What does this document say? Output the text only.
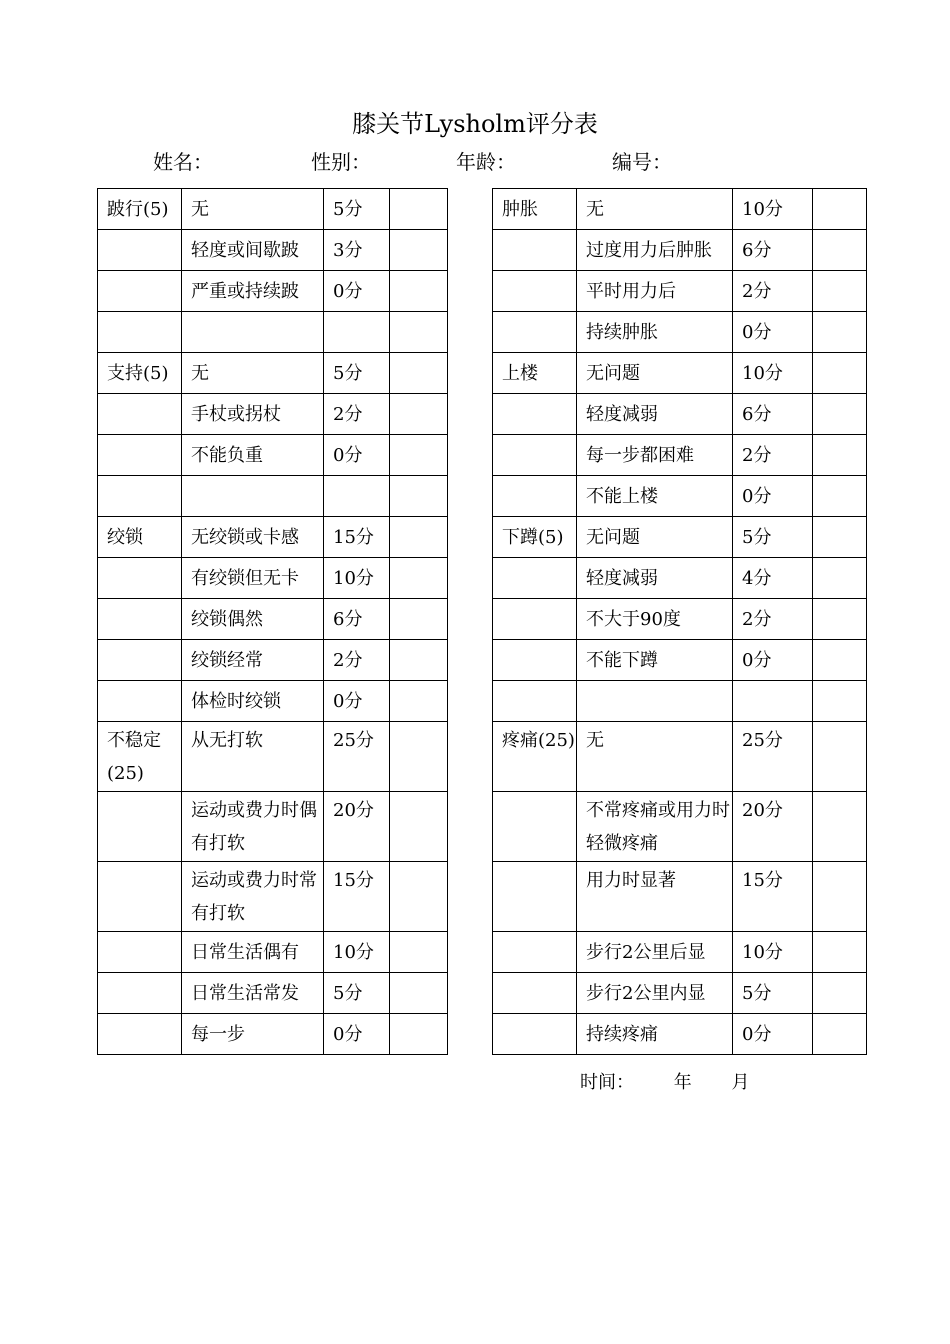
膝关节Lysholm评分表
姓名：	性别：	年龄：	编号：
跛行(5)	无	5分	
	轻度或间歇跛	3分	
	严重或持续跛	0分	

支持(5)	无	5分	
	手杖或拐杖	2分	
	不能负重	0分	

绞锁	无绞锁或卡感	15分	
	有绞锁但无卡	10分	
	绞锁偶然	6分	
	绞锁经常	2分	
	体检时绞锁	0分	
不稳定(25)	从无打软	25分	
	运动或费力时偶有打软	20分	
	运动或费力时常有打软	15分	
	日常生活偶有	10分	
	日常生活常发	5分	
	每一步	0分	
肿胀	无	10分	
	过度用力后肿胀	6分	
	平时用力后	2分	
	持续肿胀	0分	
上楼	无问题	10分	
	轻度减弱	6分	
	每一步都困难	2分	
	不能上楼	0分	
下蹲(5)	无问题	5分	
	轻度减弱	4分	
	不大于90度	2分	
	不能下蹲	0分	

疼痛(25)	无	25分	
	不常疼痛或用力时轻微疼痛	20分	
	用力时显著	15分	
	步行2公里后显	10分	
	步行2公里内显	5分	
	持续疼痛	0分	
时间： 年 月
